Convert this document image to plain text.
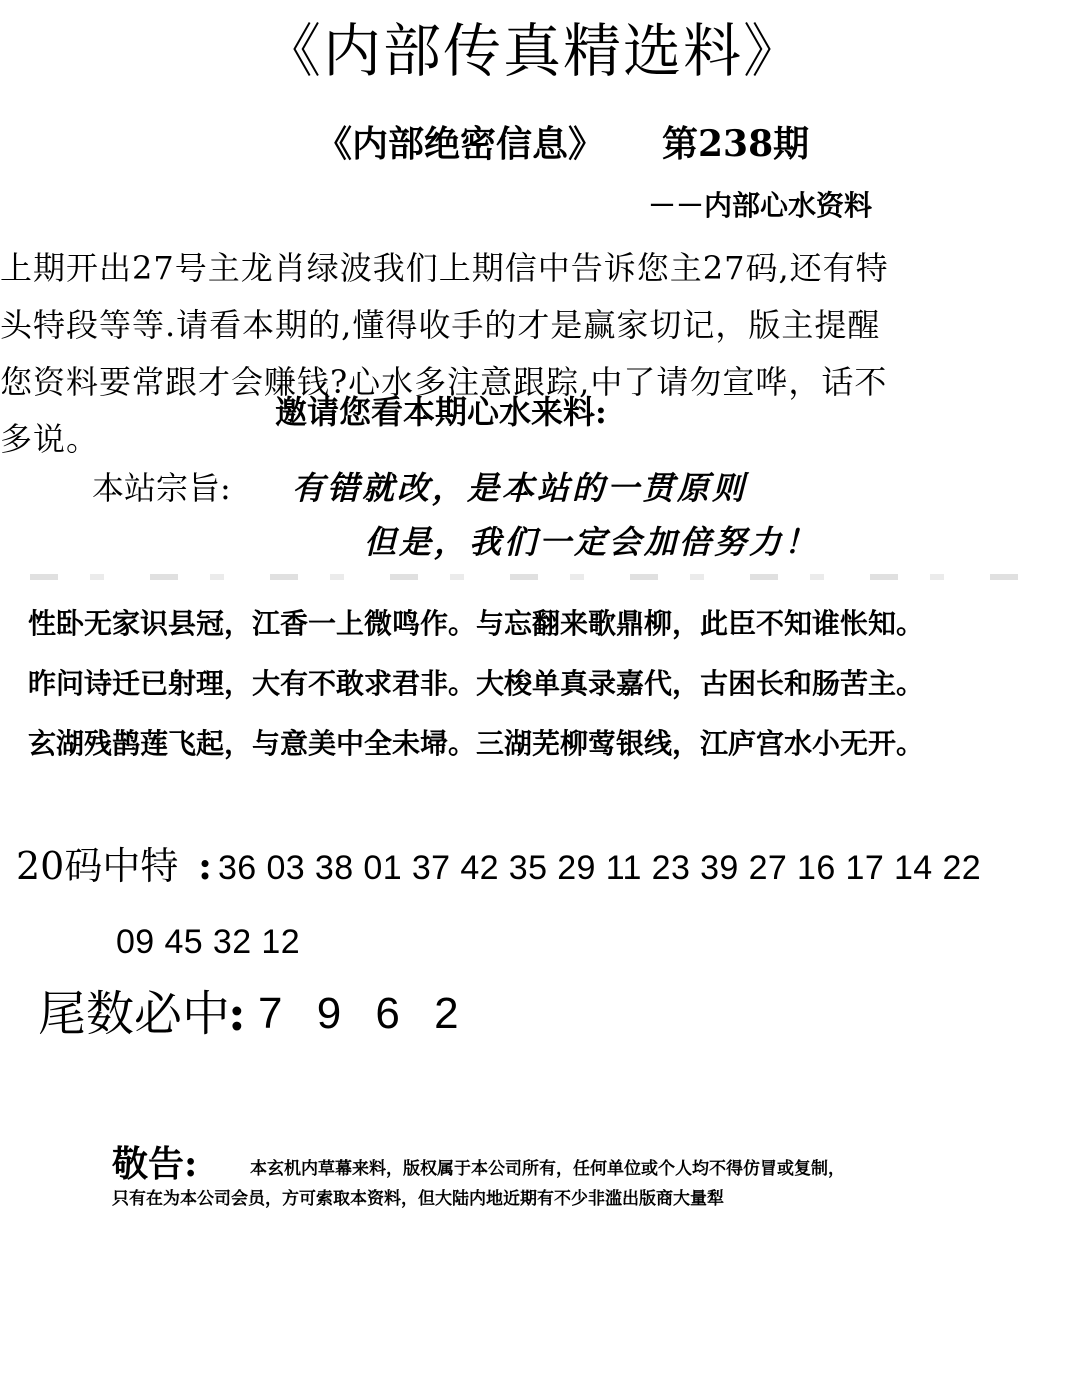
《内部传真精选料》
《内部绝密信息》 第238期
－－内部心水资料
上期开出27号主龙肖绿波我们上期信中告诉您主27码,还有特
头特段等等.请看本期的,懂得收手的才是赢家切记，版主提醒
您资料要常跟才会赚钱?心水多注意跟踪,中了请勿宣哗，话不
多说。
邀请您看本期心水来料:
本站宗旨: 有错就改，是本站的一贯原则
但是，我们一定会加倍努力！
性卧无家识县冠，江香一上微鸣作。与忘翻来歌鼎柳，此臣不知谁怅知。
昨问诗迁已射理，大有不敢求君非。大梭单真录嘉代，古困长和肠苦主。
玄湖残鹊莲飞起，与意美中全未埽。三湖芜柳莺银线，江庐宫水小无开。
20码中特 : 36 03 38 01 37 42 35 29 11 23 39 27 16 17 14 22
09 45 32 12
尾数必中
: 7 9 6 2
敬告:	本玄机内草幕来料，版权属于本公司所有，任何单位或个人均不得仿冒或复制，
只有在为本公司会员，方可索取本资料，但大陆内地近期有不少非滥出版商大量犁
